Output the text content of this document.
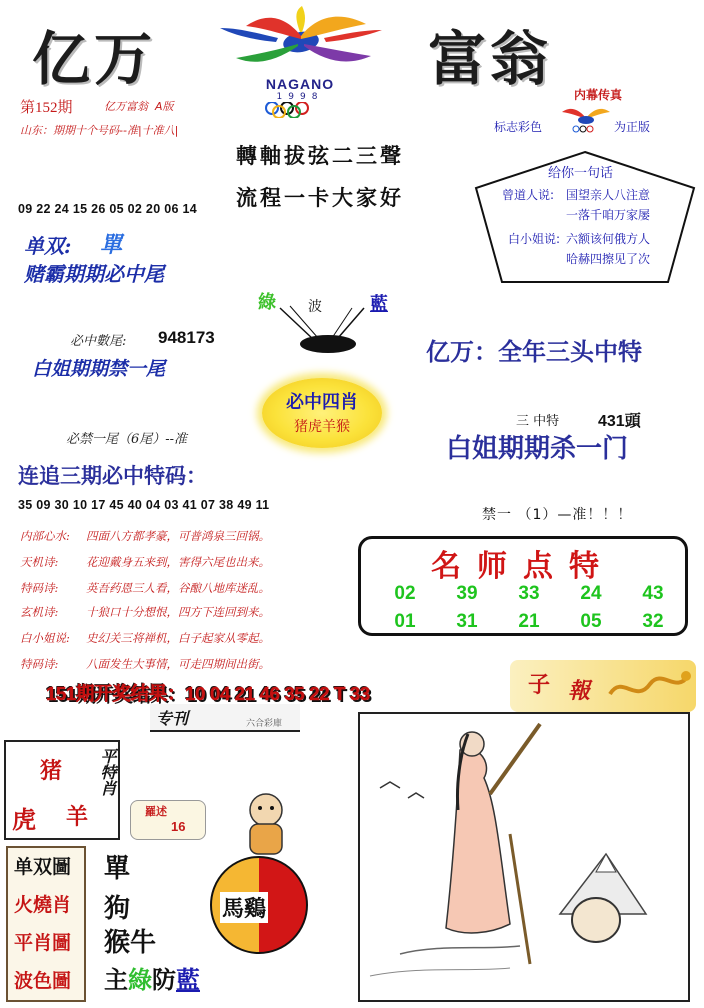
亿万	富翁
NAGANO
1998
第152期	亿万富翁 A版
山东：期期十个号码--准|十准八|
轉軸拔弦二三聲
流程一卡大家好
内幕传真
标志彩色	为正版
给你一句话
曾道人说: 国望亲人八注意
一落千咱万家屡
白小姐说: 六额该何俄方人
哈赫四擦见了次
09 22 24 15 26 05 02 20 06 14
单双: 單
赌霸期期必中尾
綠 波	藍
必中數尾: 948173
白姐期期禁一尾
亿万：全年三头中特
必中四肖
猪虎羊猴	三 中特 431頭
白姐期期杀一门
必禁一尾（6尾）--准
连追三期必中特码：
35 09 30 10 17 45 40 04 03 41 07 38 49 11
禁一 （1）—准！！！
内部心水: 四面八方都孝豪，可普鸿泉三回锅。
天机诗: 花迎戴身五来到，害得六尾也出来。
特码诗: 英吾药恩三人看，谷酿八地库迷乱。
玄机诗: 十狼口十分想恨，四方下连回到来。
白小姐说: 史幻关三将禅机，白子起家从零起。
特码诗: 八面发生大事情，可走四期间出街。
名师点特
02	39	33	24	43
01	31	21	05	32
151期开奖结果：10 04 21 46 35 22 T 33
专刊	六合彩庫
子 報
猪
虎 羊
平特肖
羅述
16
单双圖
火燒肖
平肖圖
波色圖
單
狗
猴牛
馬鷄
主綠防藍
